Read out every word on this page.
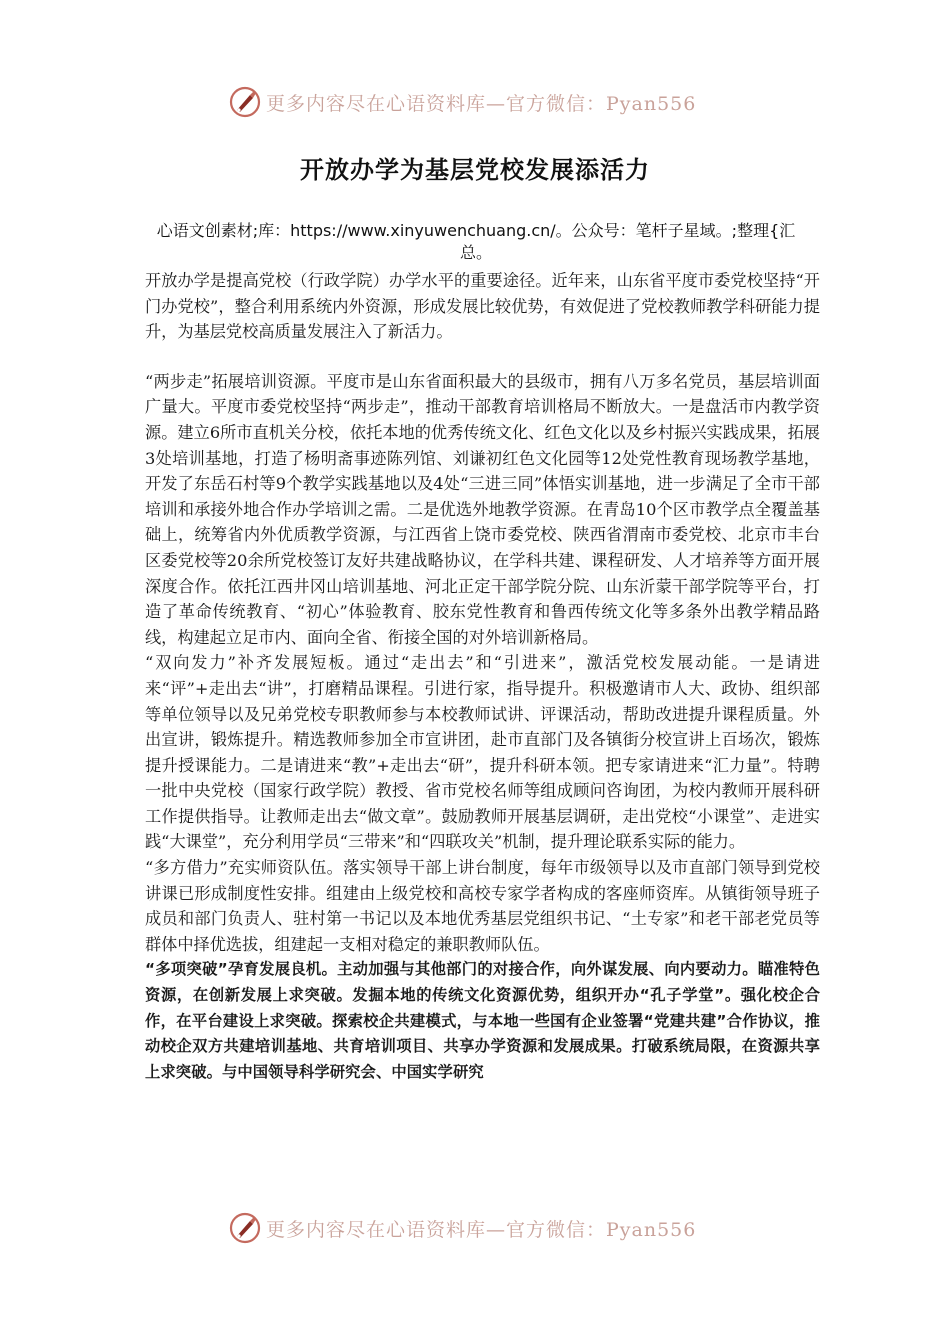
更多内容尽在心语资料库—官方微信：Pyan556
开放办学为基层党校发展添活力
心语文创素材;库：https://www.xinyuwenchuang.cn/。公众号：笔杆子星域。;整理{汇总。

开放办学是提高党校（行政学院）办学水平的重要途径。近年来，山东省平度市委党校坚持“开门办党校”，整合利用系统内外资源，形成发展比较优势，有效促进了党校教师教学科研能力提升，为基层党校高质量发展注入了新活力。

“两步走”拓展培训资源。平度市是山东省面积最大的县级市，拥有八万多名党员，基层培训面广量大。平度市委党校坚持“两步走”，推动干部教育培训格局不断放大。一是盘活市内教学资源。建立6所市直机关分校，依托本地的优秀传统文化、红色文化以及乡村振兴实践成果，拓展3处培训基地，打造了杨明斋事迹陈列馆、刘谦初红色文化园等12处党性教育现场教学基地，开发了东岳石村等9个教学实践基地以及4处“三进三同”体悟实训基地，进一步满足了全市干部培训和承接外地合作办学培训之需。二是优选外地教学资源。在青岛10个区市教学点全覆盖基础上，统筹省内外优质教学资源，与江西省上饶市委党校、陕西省渭南市委党校、北京市丰台区委党校等20余所党校签订友好共建战略协议，在学科共建、课程研发、人才培养等方面开展深度合作。依托江西井冈山培训基地、河北正定干部学院分院、山东沂蒙干部学院等平台，打造了革命传统教育、“初心”体验教育、胶东党性教育和鲁西传统文化等多条外出教学精品路线，构建起立足市内、面向全省、衔接全国的对外培训新格局。

“双向发力”补齐发展短板。通过“走出去”和“引进来”，激活党校发展动能。一是请进来“评”+走出去“讲”，打磨精品课程。引进行家，指导提升。积极邀请市人大、政协、组织部等单位领导以及兄弟党校专职教师参与本校教师试讲、评课活动，帮助改进提升课程质量。外出宣讲，锻炼提升。精选教师参加全市宣讲团，赴市直部门及各镇街分校宣讲上百场次，锻炼提升授课能力。二是请进来“教”+走出去“研”，提升科研本领。把专家请进来“汇力量”。特聘一批中央党校（国家行政学院）教授、省市党校名师等组成顾问咨询团，为校内教师开展科研工作提供指导。让教师走出去“做文章”。鼓励教师开展基层调研，走出党校“小课堂”、走进实践“大课堂”，充分利用学员“三带来”和“四联攻关”机制，提升理论联系实际的能力。

“多方借力”充实师资队伍。落实领导干部上讲台制度，每年市级领导以及市直部门领导到党校讲课已形成制度性安排。组建由上级党校和高校专家学者构成的客座师资库。从镇街领导班子成员和部门负责人、驻村第一书记以及本地优秀基层党组织书记、“土专家”和老干部老党员等群体中择优选拔，组建起一支相对稳定的兼职教师队伍。

“多项突破”孕育发展良机。主动加强与其他部门的对接合作，向外谋发展、向内要动力。瞄准特色资源，在创新发展上求突破。发掘本地的传统文化资源优势，组织开办“孔子学堂”。强化校企合作，在平台建设上求突破。探索校企共建模式，与本地一些国有企业签署“党建共建”合作协议，推动校企双方共建培训基地、共育培训项目、共享办学资源和发展成果。打破系统局限，在资源共享上求突破。与中国领导科学研究会、中国实学研究

更多内容尽在心语资料库—官方微信：Pyan556
